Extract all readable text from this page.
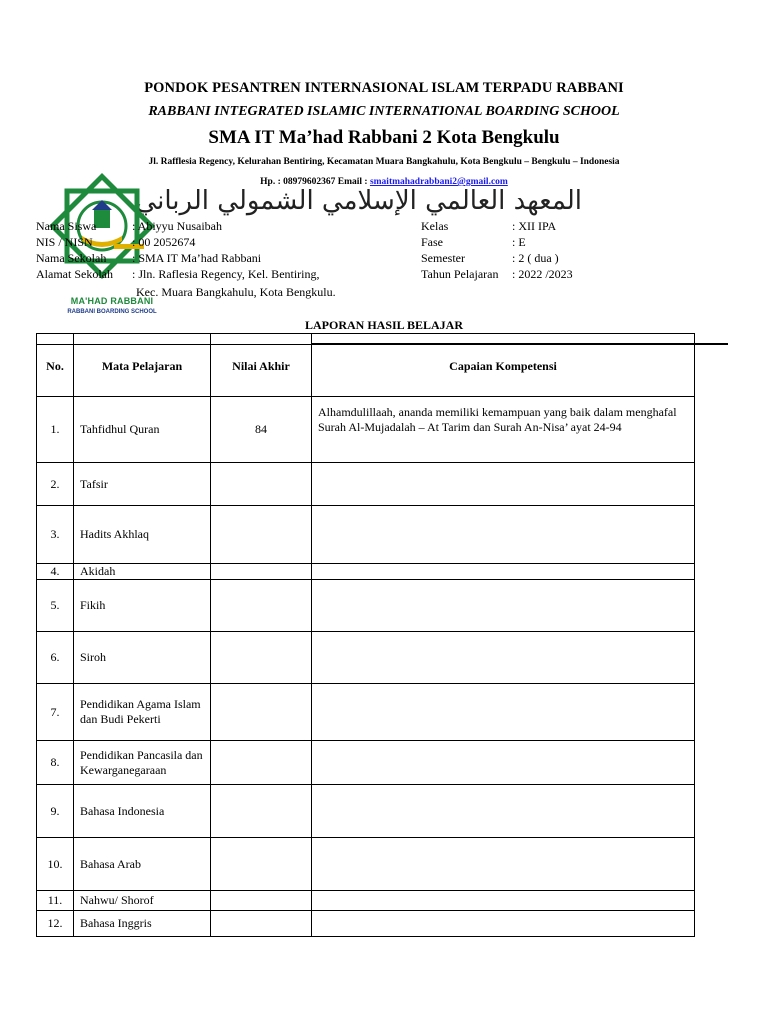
PONDOK PESANTREN INTERNASIONAL ISLAM TERPADU RABBANI
RABBANI INTEGRATED ISLAMIC INTERNATIONAL BOARDING SCHOOL
SMA IT Ma’had Rabbani 2 Kota Bengkulu
Jl. Rafflesia Regency, Kelurahan Bentiring, Kecamatan Muara Bangkahulu, Kota Bengkulu – Bengkulu – Indonesia
Hp. : 08979602367 Email : smaitmahadrabbani2@gmail.com
المعهد العالمي الإسلامي الشمولي الرباني
MA'HAD RABBANI
RABBANI BOARDING SCHOOL
Nama Siswa	: Abiyyu Nusaibah
NIS / NISN	: 00 2052674
Nama Sekolah : SMA IT Ma’had Rabbani
Alamat Sekolah : Jln. Raflesia Regency, Kel. Bentiring,
Kec. Muara Bangkahulu, Kota Bengkulu.
Kelas	: XII IPA
Fase	: E
Semester	: 2 ( dua )
Tahun Pelajaran : 2022 /2023
LAPORAN HASIL BELAJAR

No.	Mata Pelajaran	Nilai Akhir	Capaian Kompetensi
1.	Tahfidhul Quran	84	Alhamdulillaah, ananda memiliki kemampuan yang baik dalam menghafal Surah Al-Mujadalah – At Tarim dan Surah An-Nisa’ ayat 24-94
2.	Tafsir		
3.	Hadits Akhlaq		
4.	Akidah		
5.	Fikih		
6.	Siroh		
7.	Pendidikan Agama Islam dan Budi Pekerti		
8.	Pendidikan Pancasila dan Kewarganegaraan		
9.	Bahasa Indonesia		
10.	Bahasa Arab		
11.	Nahwu/ Shorof		
12.	Bahasa Inggris		
